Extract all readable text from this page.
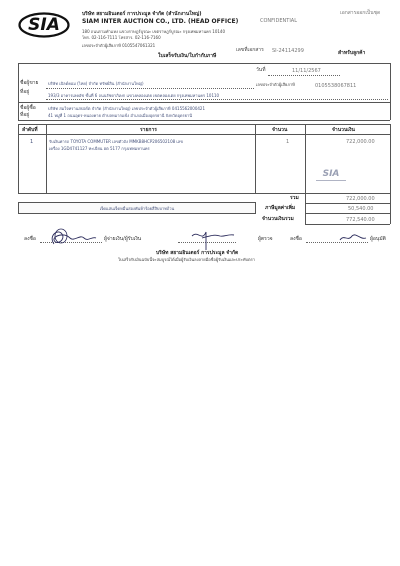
SIA
บริษัท สยามอินเตอร์ การประมูล จำกัด (สำนักงานใหญ่)
SIAM INTER AUCTION CO., LTD. (HEAD OFFICE)
180 ถนนรามคำแหง แขวงราษฎร์บูรณะ เขตราษฎร์บูรณะ กรุงเทพมหานคร 10140
โทร. 02-116-7111 โทรสาร. 02-116-7160
เลขประจำตัวผู้เสียภาษี 0105547061321
เอกสารออกเป็นชุด
CONFIDENTIAL
ใบเสร็จรับเงิน/ใบกำกับภาษี
เลขที่เอกสาร SI-24114299	สำหรับลูกค้า
วันที่	11/11/2567
ชื่อผู้ขาย
ที่อยู่
บริษัท เบิลด์คอม (ไทย) จำกัด ทรัพย์สิน (สำนักงานใหญ่)	เลขประจำตัวผู้เสียภาษี	0105538067811
193/3 อาคารเลคอัช ชั้นที่ 6 ถนนรัชดาภิเษก แขวงคลองเตย เขตคลองเตย กรุงเทพมหานคร 10110
ชื่อผู้ซื้อ
ที่อยู่
บริษัท สมใจทรานสปอร์ต จำกัด (สำนักงานใหญ่) เลขประจำตัวผู้เสียภาษี 0415562000421
41 หมู่ที่ 1 ถนนอุดร-หนองคาย ตำบลหมากแข้ง อำเภอเมืองอุดรธานี จังหวัดอุดรธานี
ลำดับที่	รายการ	จำนวน	จำนวนเงิน
1	รับเงินค่ารถ TOYOTA COMMUTER เลขตัวถัง MMKB8HCP206502108 เลข
เครื่อง 1GD4741127 ทะเบียน ฮต 5177 กรุงเทพมหานคร
1	722,000.00
SIA
รวม	722,000.00
ภาษีมูลค่าเพิ่ม	50,540.00
จำนวนเงินรวม	772,540.00
เจ็ดแสนเจ็ดหมื่นสองพันห้าร้อยสี่สิบบาทถ้วน
ลงชื่อ	ผู้จ่ายเงิน/ผู้รับเงิน	ผู้ตรวจ	ลงชื่อ	ผู้อนุมัติ
บริษัท สยามอินเตอร์ การประมูล จำกัด
ใบเสร็จรับเงินฉบับนี้จะสมบูรณ์ได้เมื่อผู้รับเงินลงลายมือชื่อผู้รับเงินและประทับตรา
